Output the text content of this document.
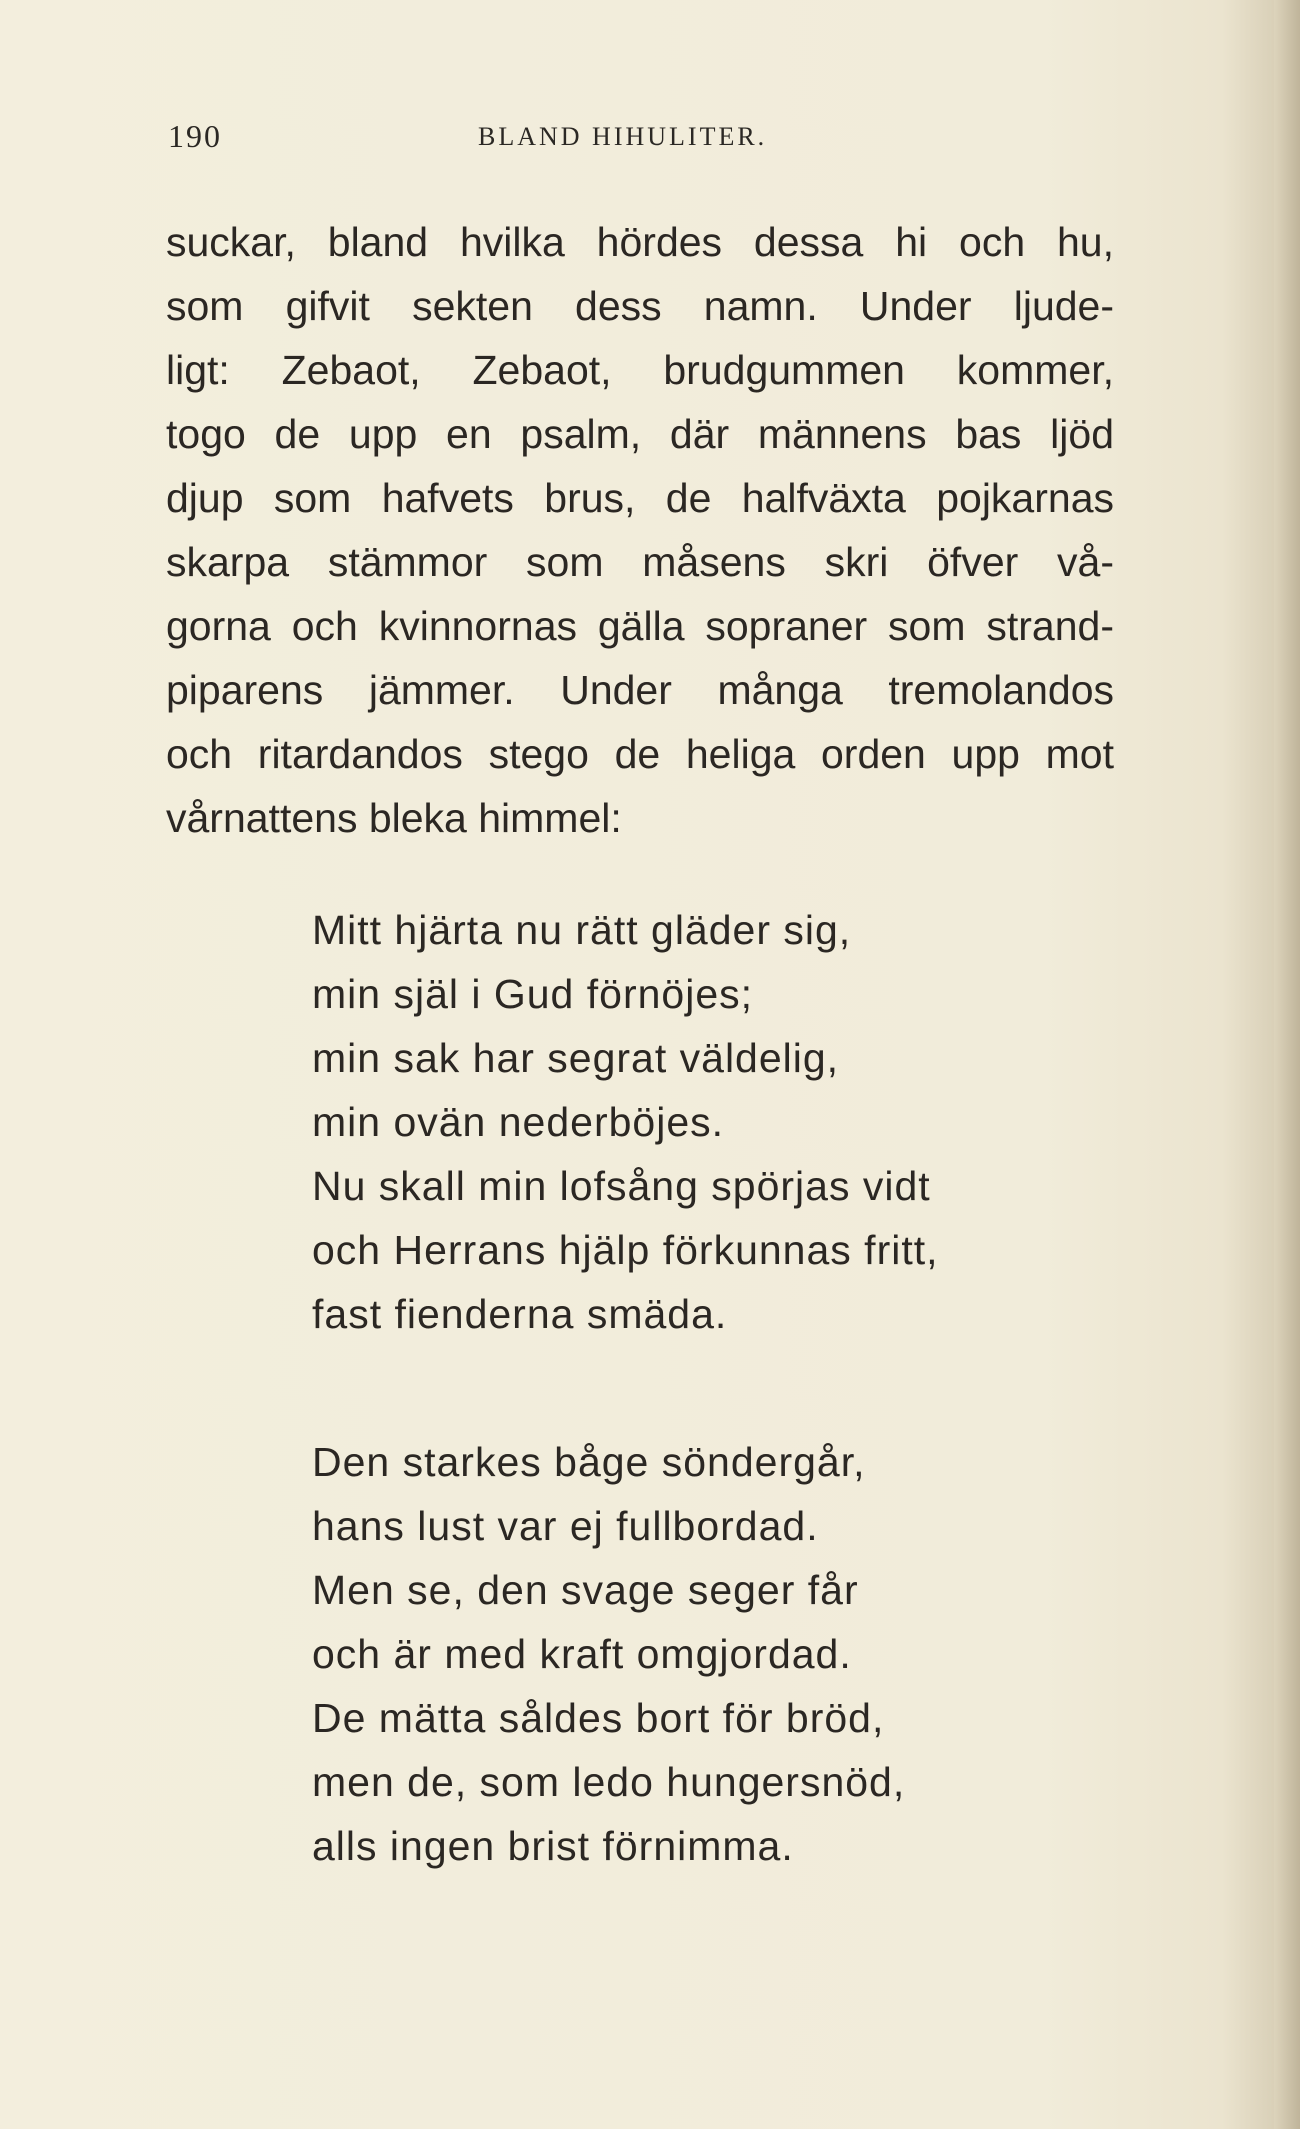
190	BLAND HIHULITER.
suckar, bland hvilka hördes dessa hi och hu,
som gifvit sekten dess namn. Under ljude-
ligt: Zebaot, Zebaot, brudgummen kommer,
togo de upp en psalm, där männens bas ljöd
djup som hafvets brus, de halfväxta pojkarnas
skarpa stämmor som måsens skri öfver vå-
gorna och kvinnornas gälla sopraner som strand-
piparens jämmer. Under många tremolandos
och ritardandos stego de heliga orden upp mot
vårnattens bleka himmel:
Mitt hjärta nu rätt gläder sig,
min själ i Gud förnöjes;
min sak har segrat väldelig,
min ovän nederböjes.
Nu skall min lofsång spörjas vidt
och Herrans hjälp förkunnas fritt,
fast fienderna smäda.
Den starkes båge söndergår,
hans lust var ej fullbordad.
Men se, den svage seger får
och är med kraft omgjordad.
De mätta såldes bort för bröd,
men de, som ledo hungersnöd,
alls ingen brist förnimma.
